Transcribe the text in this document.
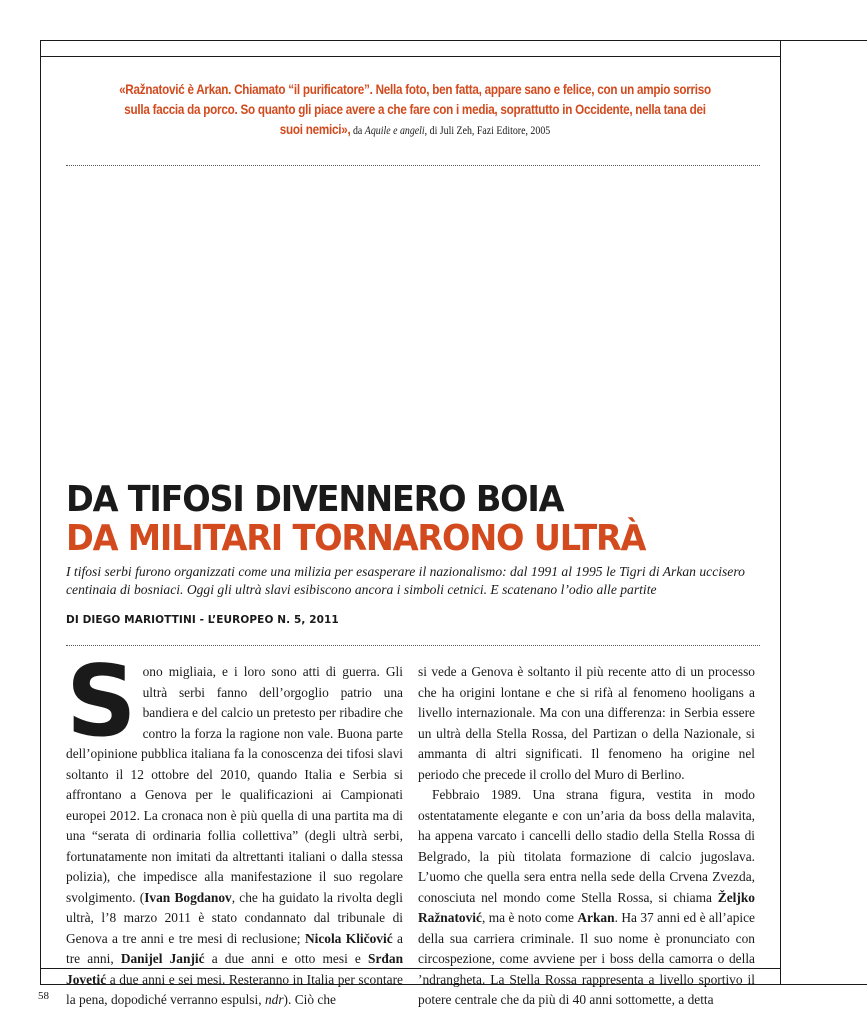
«Ražnatović è Arkan. Chiamato “il purificatore”. Nella foto, ben fatta, appare sano e felice, con un ampio sorriso sulla faccia da porco. So quanto gli piace avere a che fare con i media, soprattutto in Occidente, nella tana dei suoi nemici», da Aquile e angeli, di Juli Zeh, Fazi Editore, 2005
DA TIFOSI DIVENNERO BOIA
DA MILITARI TORNARONO ULTRÀ

I tifosi serbi furono organizzati come una milizia per esasperare il nazionalismo: dal 1991 al 1995 le Tigri di Arkan uccisero centinaia di bosniaci. Oggi gli ultrà slavi esibiscono ancora i simboli cetnici. E scatenano l’odio alle partite

DI DIEGO MARIOTTINI - L’EUROPEO N. 5, 2011

Sono migliaia, e i loro sono atti di guerra. Gli ultrà serbi fanno dell’orgoglio patrio una bandiera e del calcio un pretesto per ribadire che contro la forza la ragione non vale. Buona parte dell’opinione pubblica italiana fa la conoscenza dei tifosi slavi soltanto il 12 ottobre del 2010, quando Italia e Serbia si affrontano a Genova per le qualificazioni ai Campionati europei 2012. La cronaca non è più quella di una partita ma di una “serata di ordinaria follia collettiva” (degli ultrà serbi, fortunatamente non imitati da altrettanti italiani o dalla stessa polizia), che impedisce alla manifestazione il suo regolare svolgimento. (Ivan Bogdanov, che ha guidato la rivolta degli ultrà, l’8 marzo 2011 è stato condannato dal tribunale di Genova a tre anni e tre mesi di reclusione; Nicola Kličović a tre anni, Danijel Janjić a due anni e otto mesi e Srđan Jovetić a due anni e sei mesi. Resteranno in Italia per scontare la pena, dopodiché verranno espulsi, ndr). Ciò che

si vede a Genova è soltanto il più recente atto di un processo che ha origini lontane e che si rifà al fenomeno hooligans a livello internazionale. Ma con una differenza: in Serbia essere un ultrà della Stella Rossa, del Partizan o della Nazionale, si ammanta di altri significati. Il fenomeno ha origine nel periodo che precede il crollo del Muro di Berlino.

Febbraio 1989. Una strana figura, vestita in modo ostentatamente elegante e con un’aria da boss della malavita, ha appena varcato i cancelli dello stadio della Stella Rossa di Belgrado, la più titolata formazione di calcio jugoslava. L’uomo che quella sera entra nella sede della Crvena Zvezda, conosciuta nel mondo come Stella Rossa, si chiama Željko Ražnatović, ma è noto come Arkan. Ha 37 anni ed è all’apice della sua carriera criminale. Il suo nome è pronunciato con circospezione, come avviene per i boss della camorra o della ’ndrangheta. La Stella Rossa rappresenta a livello sportivo il potere centrale che da più di 40 anni sottomette, a detta

58
